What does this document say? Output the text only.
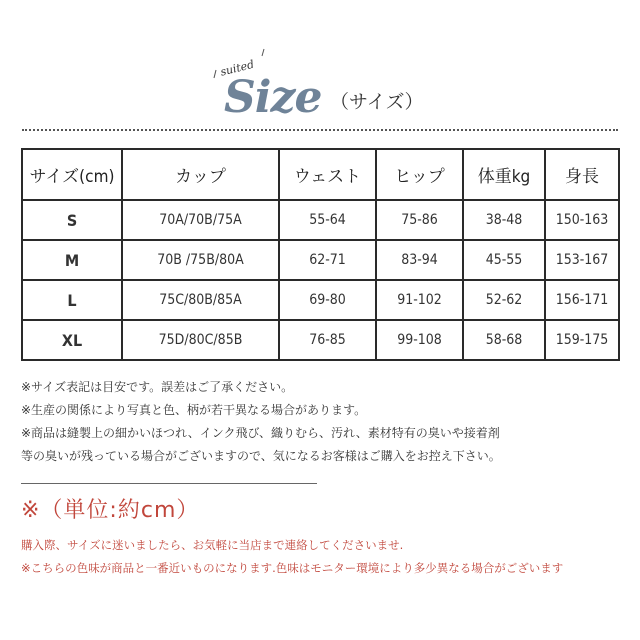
suited
Size （サイズ）
サイズ(cm)	カップ	ウェスト	ヒップ	体重kg	身長
S	70A/70B/75A	55-64	75-86	38-48	150-163
M	70B /75B/80A	62-71	83-94	45-55	153-167
L	75C/80B/85A	69-80	91-102	52-62	156-171
XL	75D/80C/85B	76-85	99-108	58-68	159-175
※サイズ表記は目安です。誤差はご了承ください。
※生産の関係により写真と色、柄が若干異なる場合があります。
※商品は縫製上の細かいほつれ、インク飛び、織りむら、汚れ、素材特有の臭いや接着剤
等の臭いが残っている場合がございますので、気になるお客様はご購入をお控え下さい。
※（単位:約cm）
購入際、サイズに迷いましたら、お気軽に当店まで連絡してくださいませ.
※こちらの色味が商品と一番近いものになります.色味はモニター環境により多少異なる場合がございます
